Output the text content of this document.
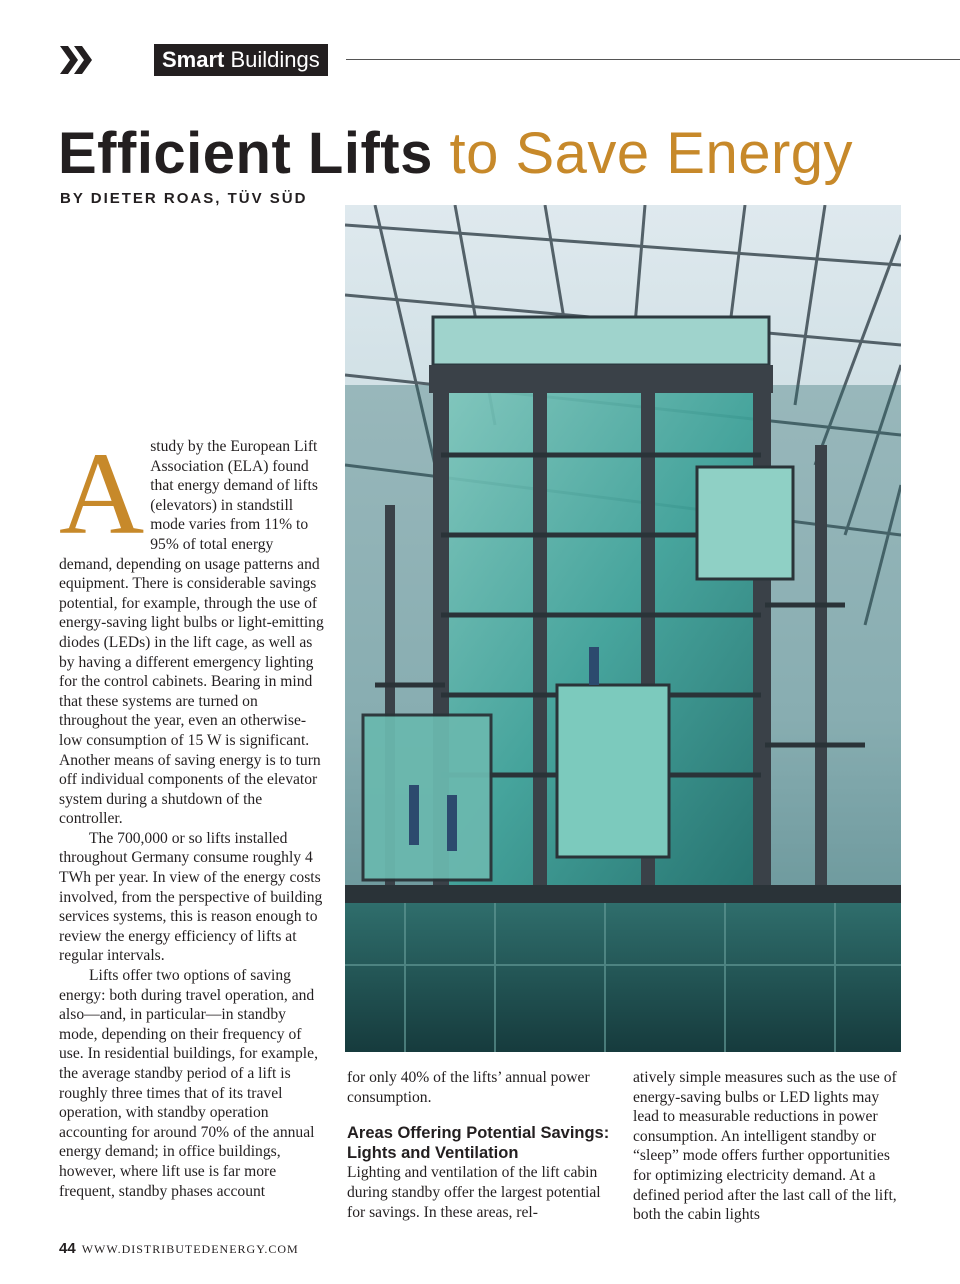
Smart Buildings
Efficient Lifts to Save Energy
BY DIETER ROAS, TÜV SÜD

Astudy by the European Lift Association (ELA) found that energy demand of lifts (elevators) in standstill mode varies from 11% to 95% of total energy demand, depending on usage patterns and equipment. There is considerable savings potential, for example, through the use of energy-saving light bulbs or light-emitting diodes (LEDs) in the lift cage, as well as by having a different emergency lighting for the control cabinets. Bearing in mind that these systems are turned on throughout the year, even an otherwise-low consumption of 15 W is significant. Another means of saving energy is to turn off individual components of the elevator system during a shutdown of the controller.

The 700,000 or so lifts installed throughout Germany consume roughly 4 TWh per year. In view of the energy costs involved, from the perspective of building services systems, this is reason enough to review the energy efficiency of lifts at regular intervals.

Lifts offer two options of saving energy: both during travel operation, and also—and, in particular—in standby mode, depending on their frequency of use. In residential buildings, for example, the average standby period of a lift is roughly three times that of its travel operation, with standby operation accounting for around 70% of the annual energy demand; in office buildings, however, where lift use is far more frequent, standby phases account

for only 40% of the lifts’ annual power consumption.

Areas Offering Potential Savings: Lights and Ventilation

Lighting and ventilation of the lift cabin during standby offer the largest potential for savings. In these areas, rel-

atively simple measures such as the use of energy-saving bulbs or LED lights may lead to measurable reductions in power consumption. An intelligent standby or “sleep” mode offers further opportunities for optimizing electricity demand. At a defined period after the last call of the lift, both the cabin lights

44 WWW.DISTRIBUTEDENERGY.COM
